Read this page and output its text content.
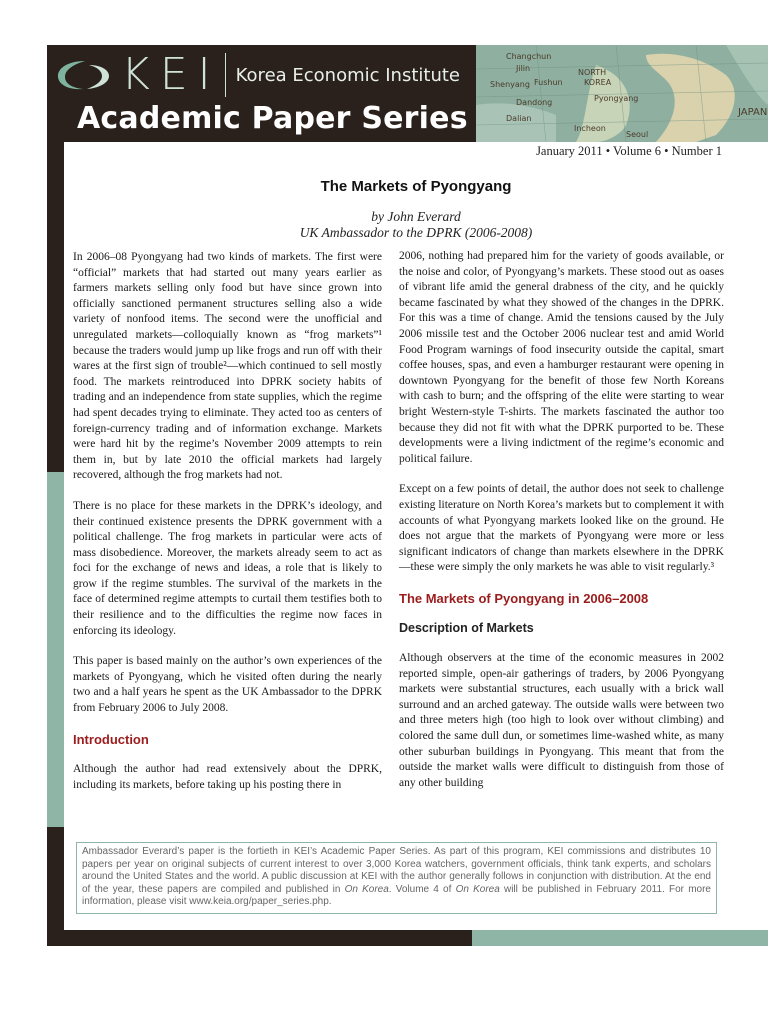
KEI Korea Economic Institute
Academic Paper Series
Changchun
Jilin
Shenyang Fushun
Dandong
NORTH
KOREA
Dalian
Pyongyang
Incheon
Seoul
JAPAN
January 2011 • Volume 6 • Number 1
The Markets of Pyongyang
by John Everard
UK Ambassador to the DPRK (2006-2008)

In 2006–08 Pyongyang had two kinds of markets. The first were “official” markets that had started out many years earlier as farmers markets selling only food but have since grown into officially sanctioned permanent structures selling also a wide variety of nonfood items. The second were the unofficial and unregulated markets—colloquially known as “frog markets”¹ because the traders would jump up like frogs and run off with their wares at the first sign of trouble²—which continued to sell mostly food. The markets reintroduced into DPRK society habits of trading and an independence from state supplies, which the regime had spent decades trying to eliminate. They acted too as centers of foreign-currency trading and of information exchange. Markets were hard hit by the regime’s November 2009 attempts to rein them in, but by late 2010 the official markets had largely recovered, although the frog markets had not.

There is no place for these markets in the DPRK’s ideology, and their continued existence presents the DPRK government with a political challenge. The frog markets in particular were acts of mass disobedience. Moreover, the markets already seem to act as foci for the exchange of news and ideas, a role that is likely to grow if the regime stumbles. The survival of the markets in the face of determined regime attempts to curtail them testifies both to their resilience and to the difficulties the regime now faces in enforcing its ideology.

This paper is based mainly on the author’s own experiences of the markets of Pyongyang, which he visited often during the nearly two and a half years he spent as the UK Ambassador to the DPRK from February 2006 to July 2008.

Introduction

Although the author had read extensively about the DPRK, including its markets, before taking up his posting there in

2006, nothing had prepared him for the variety of goods available, or the noise and color, of Pyongyang’s markets. These stood out as oases of vibrant life amid the general drabness of the city, and he quickly became fascinated by what they showed of the changes in the DPRK. For this was a time of change. Amid the tensions caused by the July 2006 missile test and the October 2006 nuclear test and amid World Food Program warnings of food insecurity outside the capital, smart coffee houses, spas, and even a hamburger restaurant were opening in downtown Pyongyang for the benefit of those few North Koreans with cash to burn; and the offspring of the elite were starting to wear bright Western-style T-shirts. The markets fascinated the author too because they did not fit with what the DPRK purported to be. These developments were a living indictment of the regime’s economic and political failure.

Except on a few points of detail, the author does not seek to challenge existing literature on North Korea’s markets but to complement it with accounts of what Pyongyang markets looked like on the ground. He does not argue that the markets of Pyongyang were more or less significant indicators of change than markets elsewhere in the DPRK—these were simply the only markets he was able to visit regularly.³

The Markets of Pyongyang in 2006–2008
Description of Markets

Although observers at the time of the economic measures in 2002 reported simple, open-air gatherings of traders, by 2006 Pyongyang markets were substantial structures, each usually with a brick wall surround and an arched gateway. The outside walls were between two and three meters high (too high to look over without climbing) and colored the same dull dun, or sometimes lime-washed white, as many other suburban buildings in Pyongyang. This meant that from the outside the market walls were difficult to distinguish from those of any other building

Ambassador Everard’s paper is the fortieth in KEI’s Academic Paper Series. As part of this program, KEI commissions and distributes 10 papers per year on original subjects of current interest to over 3,000 Korea watchers, government officials, think tank experts, and scholars around the United States and the world. A public discussion at KEI with the author generally follows in conjunction with distribution. At the end of the year, these papers are compiled and published in On Korea. Volume 4 of On Korea will be published in February 2011. For more information, please visit www.keia.org/paper_series.php.
